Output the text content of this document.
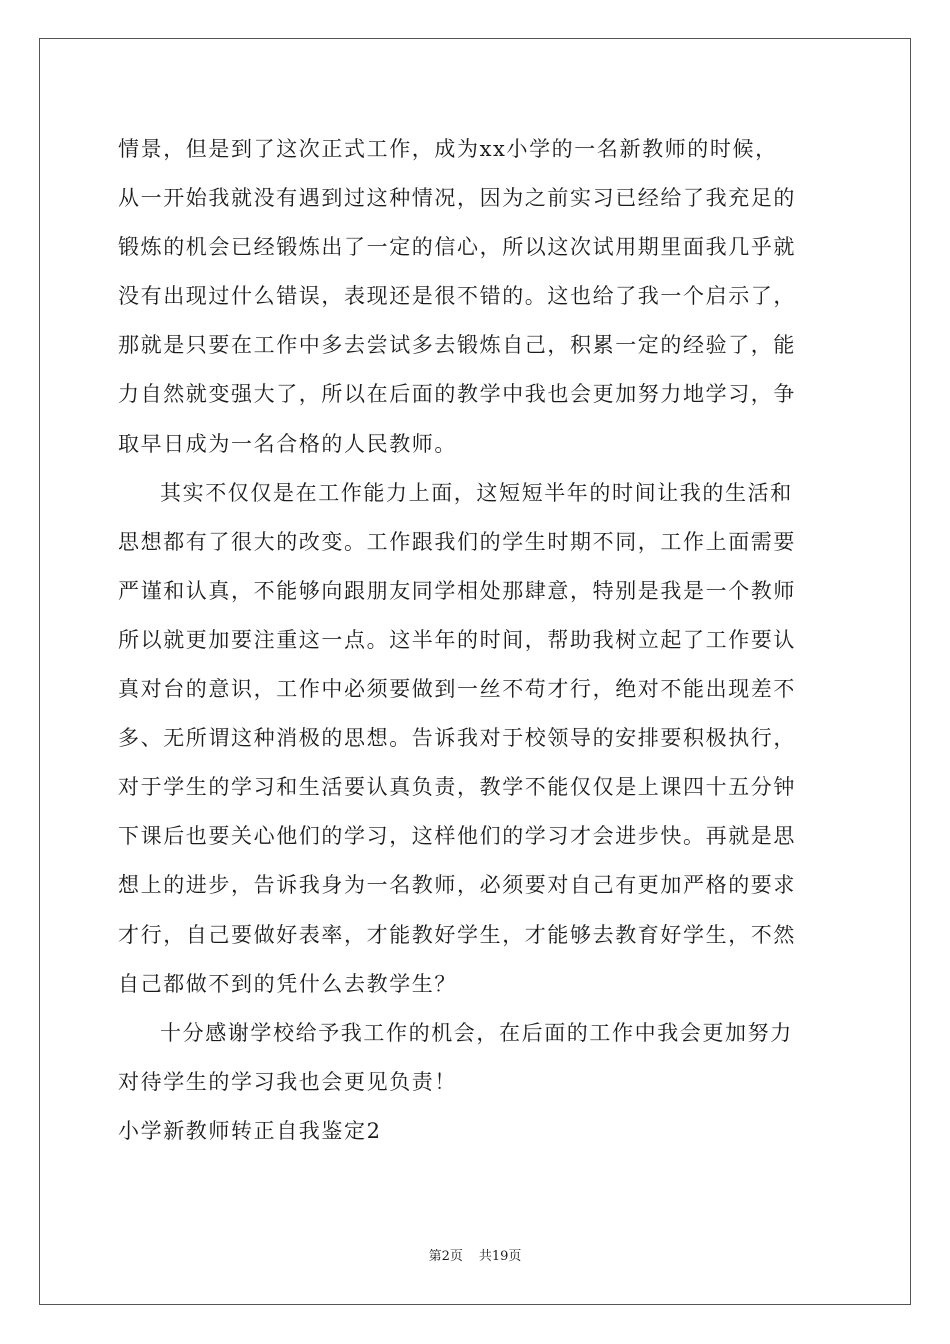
情景，但是到了这次正式工作，成为xx小学的一名新教师的时候，
从一开始我就没有遇到过这种情况，因为之前实习已经给了我充足的
锻炼的机会已经锻炼出了一定的信心，所以这次试用期里面我几乎就
没有出现过什么错误，表现还是很不错的。这也给了我一个启示了，
那就是只要在工作中多去尝试多去锻炼自己，积累一定的经验了，能
力自然就变强大了，所以在后面的教学中我也会更加努力地学习，争
取早日成为一名合格的人民教师。
其实不仅仅是在工作能力上面，这短短半年的时间让我的生活和
思想都有了很大的改变。工作跟我们的学生时期不同，工作上面需要
严谨和认真，不能够向跟朋友同学相处那肆意，特别是我是一个教师
所以就更加要注重这一点。这半年的时间，帮助我树立起了工作要认
真对台的意识，工作中必须要做到一丝不苟才行，绝对不能出现差不
多、无所谓这种消极的思想。告诉我对于校领导的安排要积极执行，
对于学生的学习和生活要认真负责，教学不能仅仅是上课四十五分钟
下课后也要关心他们的学习，这样他们的学习才会进步快。再就是思
想上的进步，告诉我身为一名教师，必须要对自己有更加严格的要求
才行，自己要做好表率，才能教好学生，才能够去教育好学生，不然
自己都做不到的凭什么去教学生？
十分感谢学校给予我工作的机会，在后面的工作中我会更加努力
对待学生的学习我也会更见负责！
小学新教师转正自我鉴定2
第2页 共19页
